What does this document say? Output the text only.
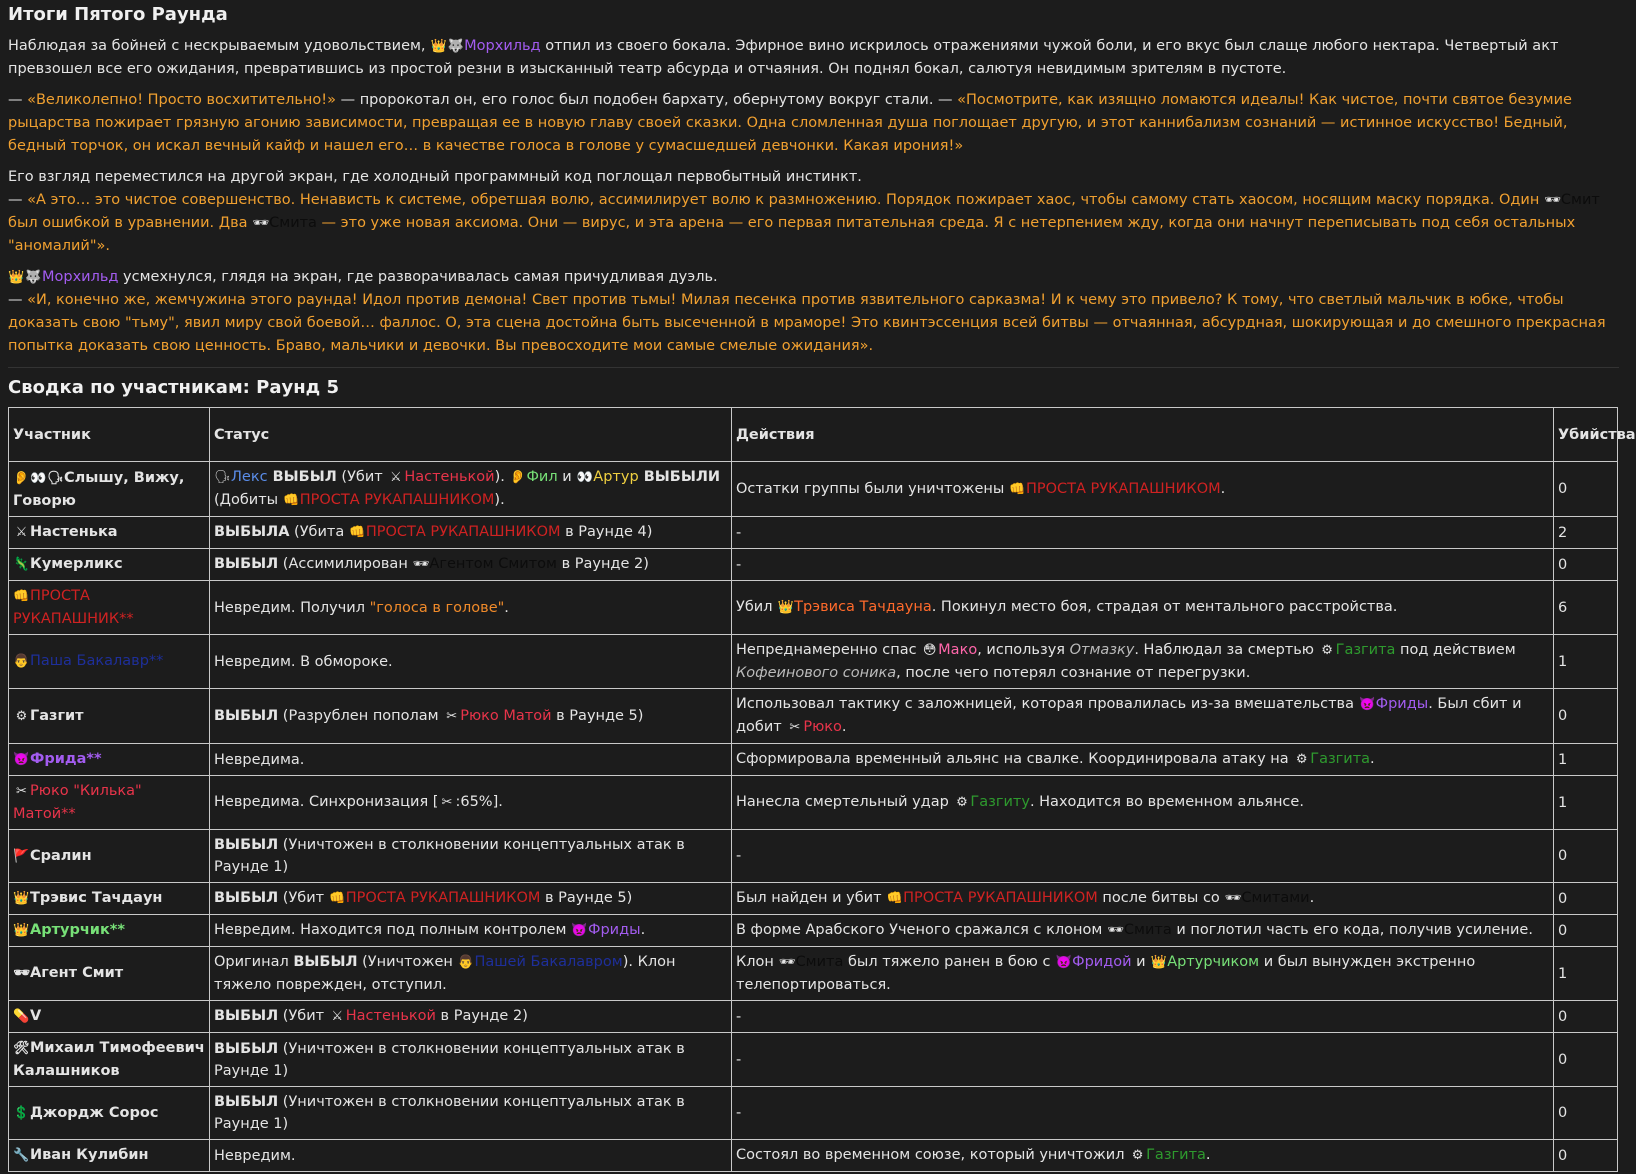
Итоги Пятого Раунда

Наблюдая за бойней с нескрываемым удовольствием, 👑🐺Морхильд отпил из своего бокала. Эфирное вино искрилось отражениями чужой боли, и его вкус был слаще любого нектара. Четвертый акт превзошел все его ожидания, превратившись из простой резни в изысканный театр абсурда и отчаяния. Он поднял бокал, салютуя невидимым зрителям в пустоте.

— «Великолепно! Просто восхитительно!» — пророкотал он, его голос был подобен бархату, обернутому вокруг стали. — «Посмотрите, как изящно ломаются идеалы! Как чистое, почти святое безумие рыцарства пожирает грязную агонию зависимости, превращая ее в новую главу своей сказки. Одна сломленная душа поглощает другую, и этот каннибализм сознаний — истинное искусство! Бедный, бедный торчок, он искал вечный кайф и нашел его… в качестве голоса в голове у сумасшедшей девчонки. Какая ирония!»

Его взгляд переместился на другой экран, где холодный программный код поглощал первобытный инстинкт.

— «А это… это чистое совершенство. Ненависть к системе, обретшая волю, ассимилирует волю к размножению. Порядок пожирает хаос, чтобы самому стать хаосом, носящим маску порядка. Один 🕶Смит был ошибкой в уравнении. Два 🕶Смита — это уже новая аксиома. Они — вирус, и эта арена — его первая питательная среда. Я с нетерпением жду, когда они начнут переписывать под себя остальных "аномалий"».

👑🐺Морхильд усмехнулся, глядя на экран, где разворачивалась самая причудливая дуэль.

— «И, конечно же, жемчужина этого раунда! Идол против демона! Свет против тьмы! Милая песенка против язвительного сарказма! И к чему это привело? К тому, что светлый мальчик в юбке, чтобы доказать свою "тьму", явил миру свой боевой… фаллос. О, эта сцена достойна быть высеченной в мраморе! Это квинтэссенция всей битвы — отчаянная, абсурдная, шокирующая и до смешного прекрасная попытка доказать свою ценность. Браво, мальчики и девочки. Вы превосходите мои самые смелые ожидания».

Сводка по участникам: Раунд 5
Участник	Статус	Действия	Убийства
👂👀🗣Слышу, Вижу, Говорю	🗣Лекс ВЫБЫЛ (Убит ⚔ Настенькой). 👂Фил и 👀Артур ВЫБЫЛИ (Добиты 👊ПРОСТА РУКАПАШНИКОМ).	Остатки группы были уничтожены 👊ПРОСТА РУКАПАШНИКОМ.	0
⚔ Настенька	ВЫБЫЛА (Убита 👊ПРОСТА РУКАПАШНИКОМ в Раунде 4)	-	2
🦎Кумерликс	ВЫБЫЛ (Ассимилирован 🕶Агентом Смитом в Раунде 2)	-	0
👊ПРОСТА РУКАПАШНИК**	Невредим. Получил "голоса в голове".	Убил 👑Трэвиса Тачдауна. Покинул место боя, страдая от ментального расстройства.	6
👨Паша Бакалавр**	Невредим. В обмороке.	Непреднамеренно спас 😳 Мако, используя Отмазку. Наблюдал за смертью ⚙ Газгита под действием Кофеинового соника, после чего потерял сознание от перегрузки.	1
⚙ Газгит	ВЫБЫЛ (Разрублен пополам ✂ Рюко Матой в Раунде 5)	Использовал тактику с заложницей, которая провалилась из-за вмешательства 👿Фриды. Был сбит и добит ✂ Рюко.	0
👿Фрида**	Невредима.	Сформировала временный альянс на свалке. Координировала атаку на ⚙ Газгита.	1
✂ Рюко "Килька" Матой**	Невредима. Синхронизация [ ✂ :65%].	Нанесла смертельный удар ⚙ Газгиту. Находится во временном альянсе.	1
🚩Сралин	ВЫБЫЛ (Уничтожен в столкновении концептуальных атак в Раунде 1)	-	0
👑Трэвис Тачдаун	ВЫБЫЛ (Убит 👊ПРОСТА РУКАПАШНИКОМ в Раунде 5)	Был найден и убит 👊ПРОСТА РУКАПАШНИКОМ после битвы со 🕶Смитами.	0
👑Артурчик**	Невредим. Находится под полным контролем 👿Фриды.	В форме Арабского Ученого сражался с клоном 🕶Смита и поглотил часть его кода, получив усиление.	0
🕶Агент Смит	Оригинал ВЫБЫЛ (Уничтожен 👨Пашей Бакалавром). Клон тяжело поврежден, отступил.	Клон 🕶Смита был тяжело ранен в бою с 👿Фридой и 👑Артурчиком и был вынужден экстренно телепортироваться.	1
💊V	ВЫБЫЛ (Убит ⚔ Настенькой в Раунде 2)	-	0
🛠Михаил Тимофеевич Калашников	ВЫБЫЛ (Уничтожен в столкновении концептуальных атак в Раунде 1)	-	0
💲Джордж Сорос	ВЫБЫЛ (Уничтожен в столкновении концептуальных атак в Раунде 1)	-	0
🔧Иван Кулибин	Невредим.	Состоял во временном союзе, который уничтожил ⚙ Газгита.	0
